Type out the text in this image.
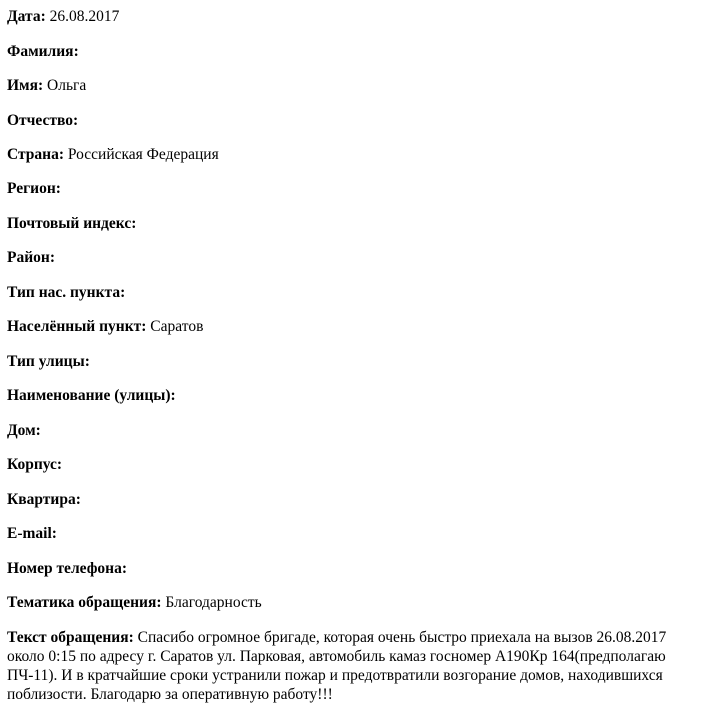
Дата: 26.08.2017
Фамилия:
Имя: Ольга
Отчество:
Страна: Российская Федерация
Регион:
Почтовый индекс:
Район:
Тип нас. пункта:
Населённый пункт: Саратов
Тип улицы:
Наименование (улицы):
Дом:
Корпус:
Квартира:
E-mail:
Номер телефона:
Тематика обращения: Благодарность
Текст обращения: Спасибо огромное бригаде, которая очень быстро приехала на вызов 26.08.2017 около 0:15 по адресу г. Саратов ул. Парковая, автомобиль камаз госномер А190Кр 164(предполагаю ПЧ-11). И в кратчайшие сроки устранили пожар и предотвратили возгорание домов, находившихся поблизости. Благодарю за оперативную работу!!!
